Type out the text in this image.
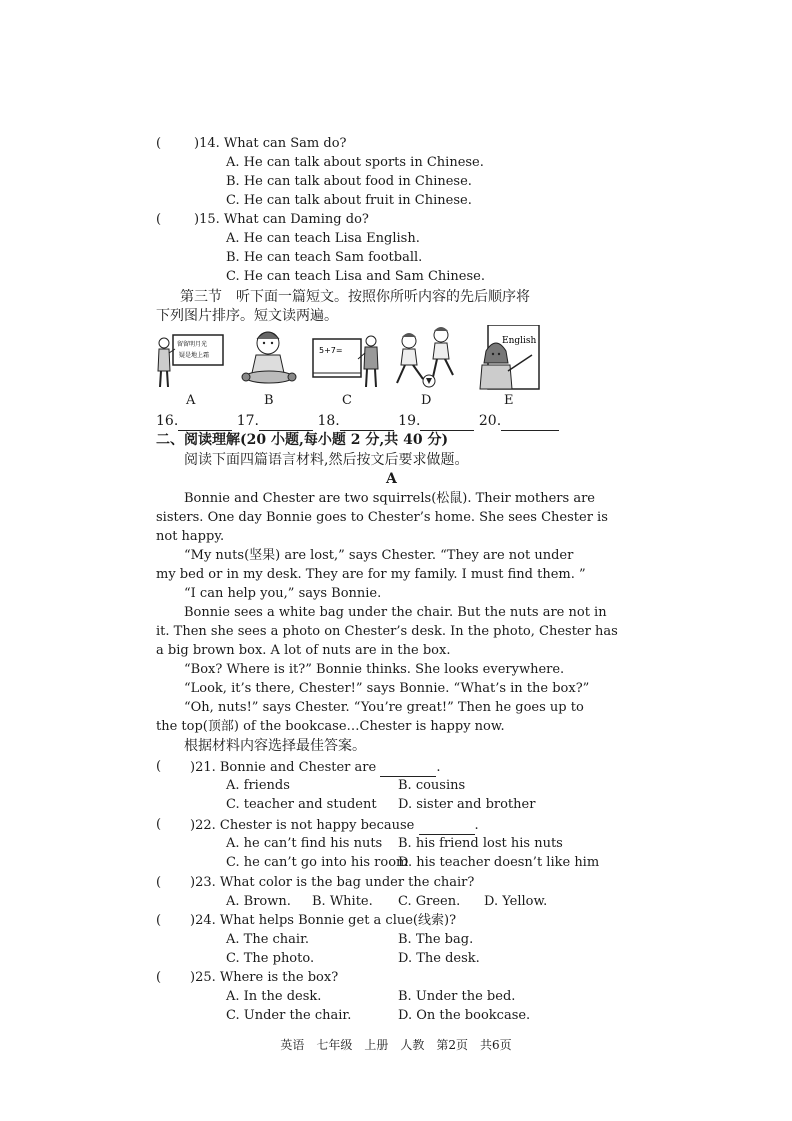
(	)14. What can Sam do?
A. He can talk about sports in Chinese.
B. He can talk about food in Chinese.
C. He can talk about fruit in Chinese.
(	)15. What can Daming do?
A. He can teach Lisa English.
B. He can teach Sam football.
C. He can teach Lisa and Sam Chinese.
第三节　听下面一篇短文。按照你所听内容的先后顺序将
下列图片排序。短文读两遍。
留留明月光
疑是地上霜
5+7=
English
A	B	C	D	E
16.	17.	18.	19.	20.
二、阅读理解(20 小题,每小题 2 分,共 40 分)
阅读下面四篇语言材料,然后按文后要求做题。
A
Bonnie and Chester are two squirrels(松鼠). Their mothers are
sisters. One day Bonnie goes to Chester’s home. She sees Chester is
not happy.
“My nuts(坚果) are lost,” says Chester. “They are not under
my bed or in my desk. They are for my family. I must find them. ”
“I can help you,” says Bonnie.
Bonnie sees a white bag under the chair. But the nuts are not in
it. Then she sees a photo on Chester’s desk. In the photo, Chester has
a big brown box. A lot of nuts are in the box.
“Box? Where is it?” Bonnie thinks. She looks everywhere.
“Look, it’s there, Chester!” says Bonnie. “What’s in the box?”
“Oh, nuts!” says Chester. “You’re great!” Then he goes up to
the top(顶部) of the bookcase…Chester is happy now.
根据材料内容选择最佳答案。
( )21. Bonnie and Chester are	.
A. friends	B. cousins
C. teacher and student D. sister and brother
( )22. Chester is not happy because	.
A. he can’t find his nuts B. his friend lost his nuts
C. he can’t go into his room
D. his teacher doesn’t like him
( )23. What color is the bag under the chair?
A. Brown. B. White. C. Green. D. Yellow.
( )24. What helps Bonnie get a clue(线索)?
A. The chair.	B. The bag.
C. The photo.	D. The desk.
( )25. Where is the box?
A. In the desk.	B. Under the bed.
C. Under the chair.	D. On the bookcase.
英语　七年级　上册　人教　第2页　共6页
